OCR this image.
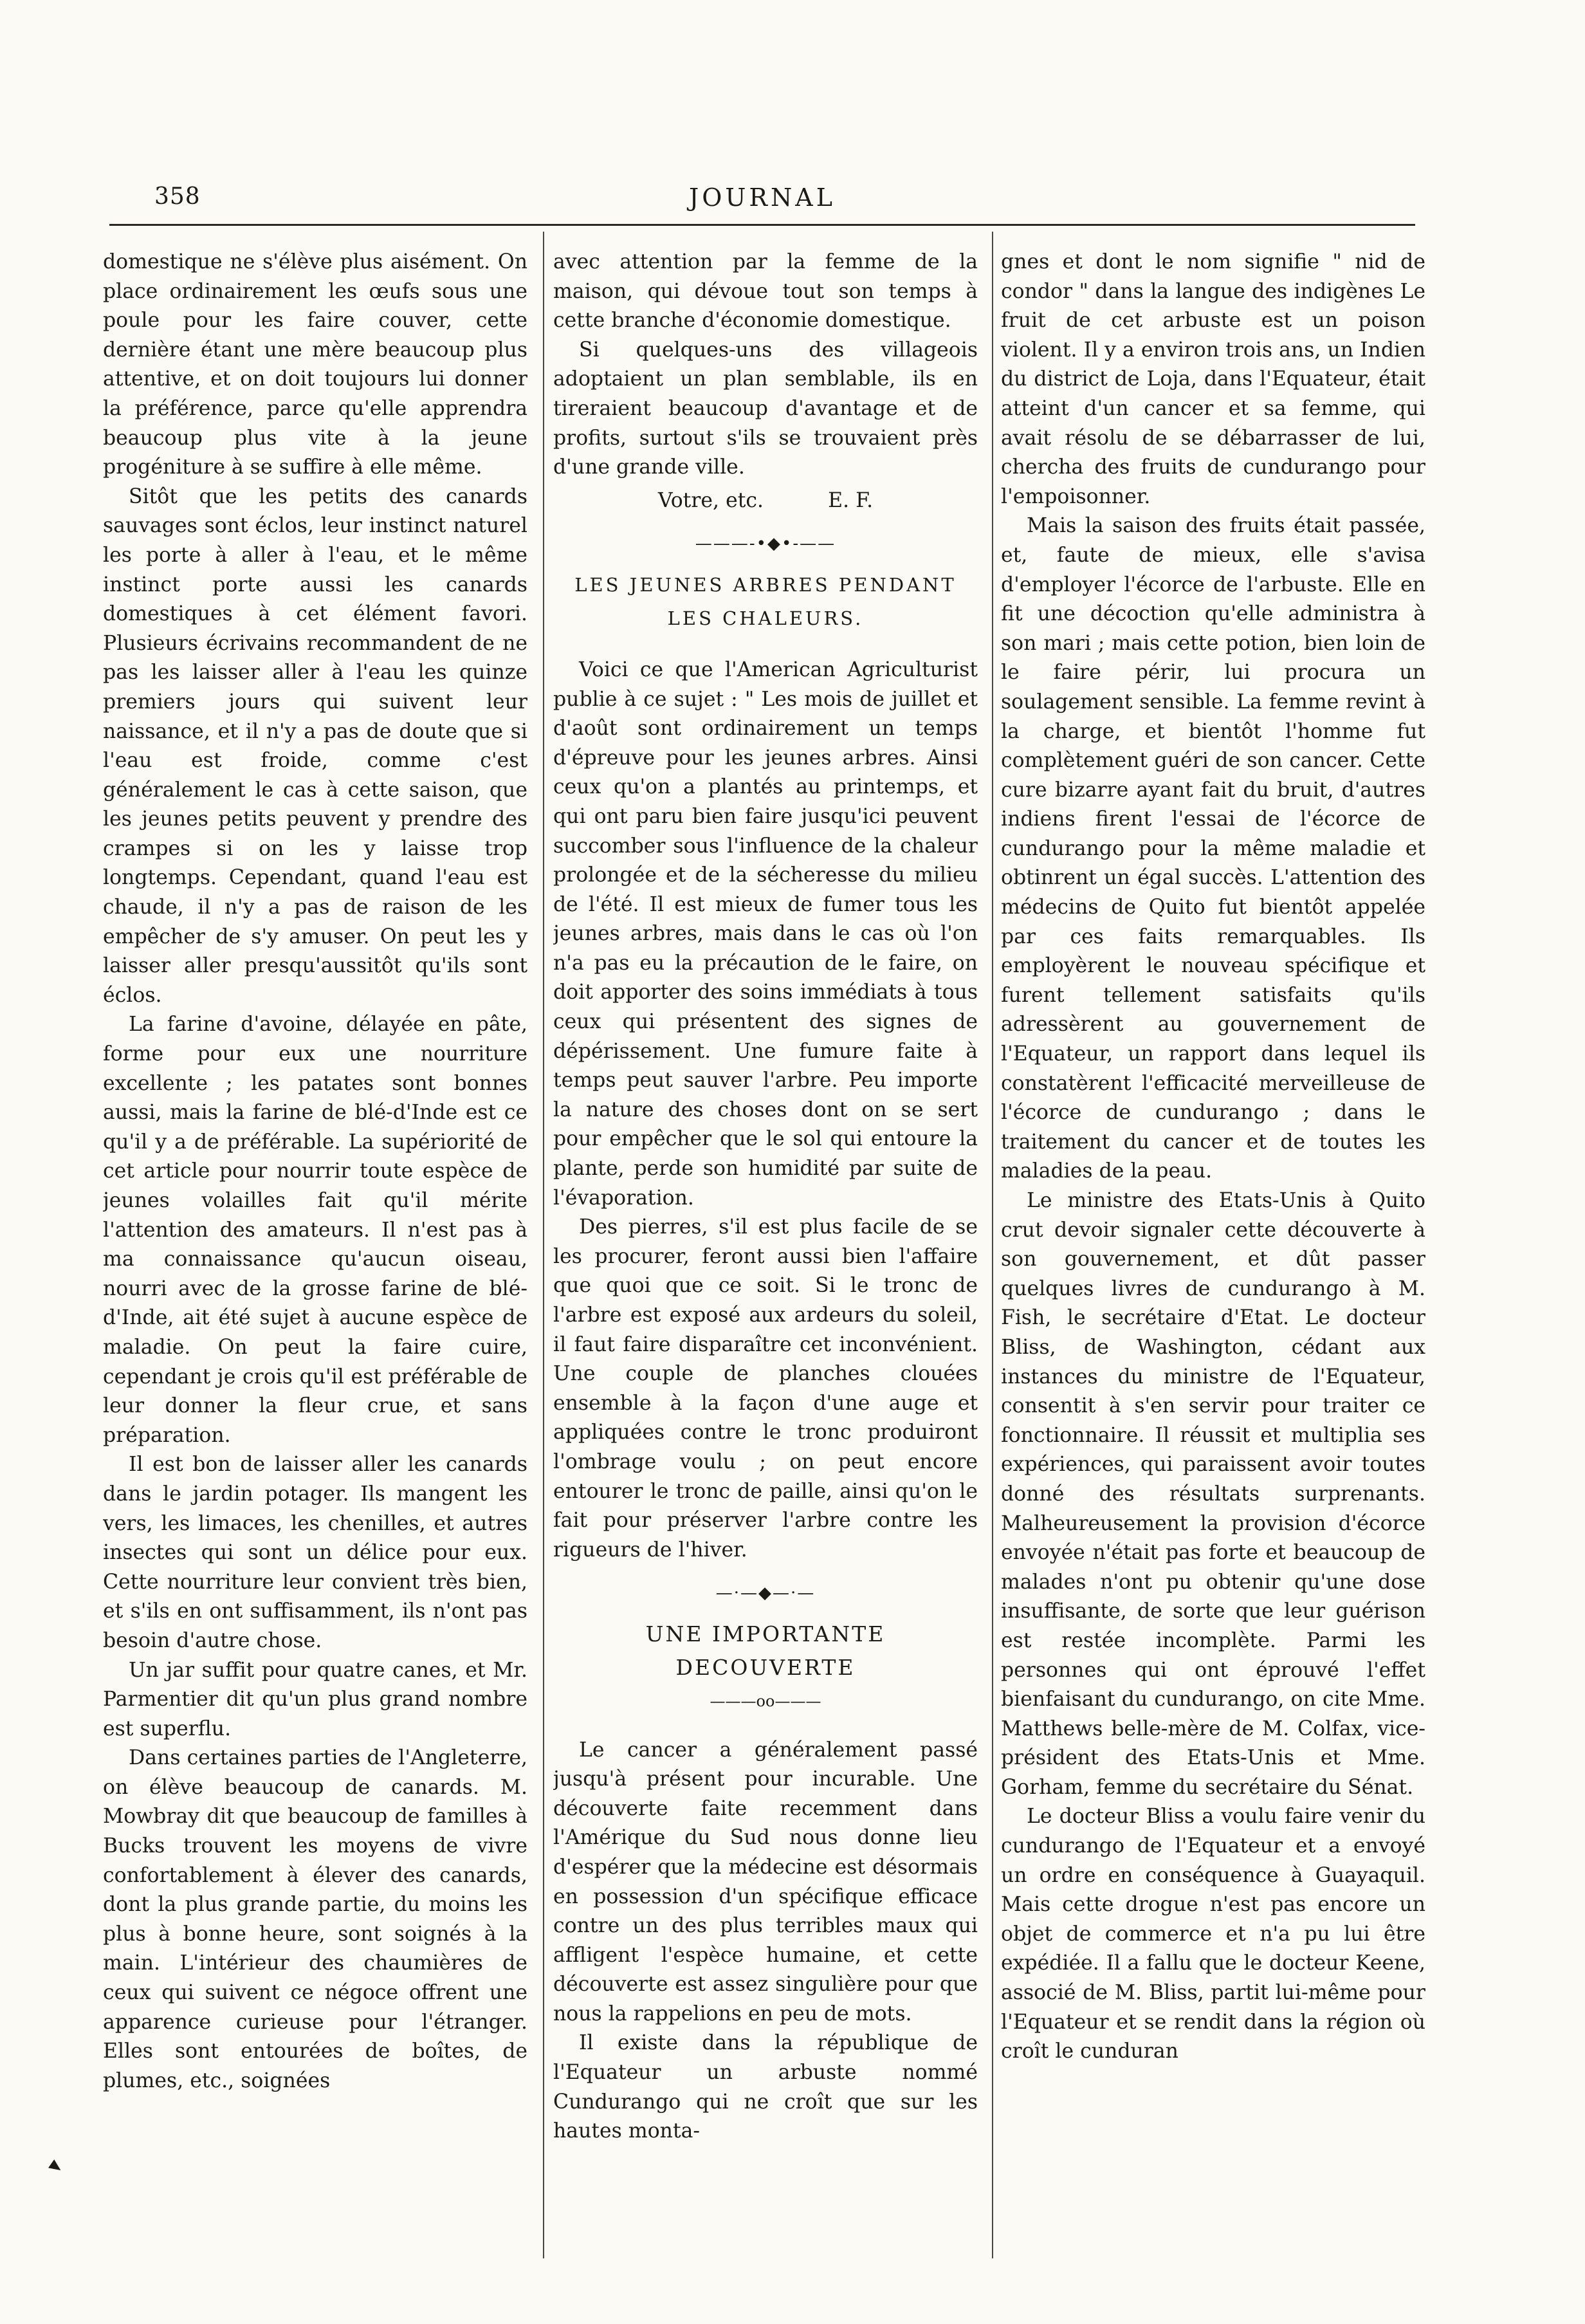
358	JOURNAL

domestique ne s'élève plus aisément. On place ordinairement les œufs sous une poule pour les faire couver, cette dernière étant une mère beaucoup plus attentive, et on doit toujours lui donner la préférence, parce qu'elle apprendra beaucoup plus vite à la jeune progéniture à se suffire à elle même.

Sitôt que les petits des canards sauvages sont éclos, leur instinct naturel les porte à aller à l'eau, et le même instinct porte aussi les canards domestiques à cet élément favori. Plusieurs écrivains recommandent de ne pas les laisser aller à l'eau les quinze premiers jours qui suivent leur naissance, et il n'y a pas de doute que si l'eau est froide, comme c'est généralement le cas à cette saison, que les jeunes petits peuvent y prendre des crampes si on les y laisse trop longtemps. Cependant, quand l'eau est chaude, il n'y a pas de raison de les empêcher de s'y amuser. On peut les y laisser aller presqu'aussitôt qu'ils sont éclos.

La farine d'avoine, délayée en pâte, forme pour eux une nourriture excellente ; les patates sont bonnes aussi, mais la farine de blé-d'Inde est ce qu'il y a de préférable. La supériorité de cet article pour nourrir toute espèce de jeunes volailles fait qu'il mérite l'attention des amateurs. Il n'est pas à ma connaissance qu'aucun oiseau, nourri avec de la grosse farine de blé-d'Inde, ait été sujet à aucune espèce de maladie. On peut la faire cuire, cependant je crois qu'il est préférable de leur donner la fleur crue, et sans préparation.

Il est bon de laisser aller les canards dans le jardin potager. Ils mangent les vers, les limaces, les chenilles, et autres insectes qui sont un délice pour eux. Cette nourriture leur convient très bien, et s'ils en ont suffisamment, ils n'ont pas besoin d'autre chose.

Un jar suffit pour quatre canes, et Mr. Parmentier dit qu'un plus grand nombre est superflu.

Dans certaines parties de l'Angleterre, on élève beaucoup de canards. M. Mowbray dit que beaucoup de familles à Bucks trouvent les moyens de vivre confortablement à élever des canards, dont la plus grande partie, du moins les plus à bonne heure, sont soignés à la main. L'intérieur des chaumières de ceux qui suivent ce négoce offrent une apparence curieuse pour l'étranger. Elles sont entourées de boîtes, de plumes, etc., soignées

avec attention par la femme de la maison, qui dévoue tout son temps à cette branche d'économie domestique.

Si quelques-uns des villageois adoptaient un plan semblable, ils en tireraient beaucoup d'avantage et de profits, surtout s'ils se trouvaient près d'une grande ville.

Votre, etc.          E. F.

———-•◆•-——
LES JEUNES ARBRES PENDANT LES CHALEURS.

Voici ce que l'American Agriculturist publie à ce sujet : " Les mois de juillet et d'août sont ordinairement un temps d'épreuve pour les jeunes arbres. Ainsi ceux qu'on a plantés au printemps, et qui ont paru bien faire jusqu'ici peuvent succomber sous l'influence de la chaleur prolongée et de la sécheresse du milieu de l'été. Il est mieux de fumer tous les jeunes arbres, mais dans le cas où l'on n'a pas eu la précaution de le faire, on doit apporter des soins immédiats à tous ceux qui présentent des signes de dépérissement. Une fumure faite à temps peut sauver l'arbre. Peu importe la nature des choses dont on se sert pour empêcher que le sol qui entoure la plante, perde son humidité par suite de l'évaporation.

Des pierres, s'il est plus facile de se les procurer, feront aussi bien l'affaire que quoi que ce soit. Si le tronc de l'arbre est exposé aux ardeurs du soleil, il faut faire disparaître cet inconvénient. Une couple de planches clouées ensemble à la façon d'une auge et appliquées contre le tronc produiront l'ombrage voulu ; on peut encore entourer le tronc de paille, ainsi qu'on le fait pour préserver l'arbre contre les rigueurs de l'hiver.

—·—◆—·—
UNE IMPORTANTE DECOUVERTE
———oo———

Le cancer a généralement passé jusqu'à présent pour incurable. Une découverte faite recemment dans l'Amérique du Sud nous donne lieu d'espérer que la médecine est désormais en possession d'un spécifique efficace contre un des plus terribles maux qui affligent l'espèce humaine, et cette découverte est assez singulière pour que nous la rappelions en peu de mots.

Il existe dans la république de l'Equateur un arbuste nommé Cundurango qui ne croît que sur les hautes monta-

gnes et dont le nom signifie " nid de condor " dans la langue des indigènes Le fruit de cet arbuste est un poison violent. Il y a environ trois ans, un Indien du district de Loja, dans l'Equateur, était atteint d'un cancer et sa femme, qui avait résolu de se débarrasser de lui, chercha des fruits de cundurango pour l'empoisonner.

Mais la saison des fruits était passée, et, faute de mieux, elle s'avisa d'employer l'écorce de l'arbuste. Elle en fit une décoction qu'elle administra à son mari ; mais cette potion, bien loin de le faire périr, lui procura un soulagement sensible. La femme revint à la charge, et bientôt l'homme fut complètement guéri de son cancer. Cette cure bizarre ayant fait du bruit, d'autres indiens firent l'essai de l'écorce de cundurango pour la même maladie et obtinrent un égal succès. L'attention des médecins de Quito fut bientôt appelée par ces faits remarquables. Ils employèrent le nouveau spécifique et furent tellement satisfaits qu'ils adressèrent au gouvernement de l'Equateur, un rapport dans lequel ils constatèrent l'efficacité merveilleuse de l'écorce de cundurango ; dans le traitement du cancer et de toutes les maladies de la peau.

Le ministre des Etats-Unis à Quito crut devoir signaler cette découverte à son gouvernement, et dût passer quelques livres de cundurango à M. Fish, le secrétaire d'Etat. Le docteur Bliss, de Washington, cédant aux instances du ministre de l'Equateur, consentit à s'en servir pour traiter ce fonctionnaire. Il réussit et multiplia ses expériences, qui paraissent avoir toutes donné des résultats surprenants. Malheureusement la provision d'écorce envoyée n'était pas forte et beaucoup de malades n'ont pu obtenir qu'une dose insuffisante, de sorte que leur guérison est restée incomplète. Parmi les personnes qui ont éprouvé l'effet bienfaisant du cundurango, on cite Mme. Matthews belle-mère de M. Colfax, vice-président des Etats-Unis et Mme. Gorham, femme du secrétaire du Sénat.

Le docteur Bliss a voulu faire venir du cundurango de l'Equateur et a envoyé un ordre en conséquence à Guayaquil. Mais cette drogue n'est pas encore un objet de commerce et n'a pu lui être expédiée. Il a fallu que le docteur Keene, associé de M. Bliss, partit lui-même pour l'Equateur et se rendit dans la région où croît le cunduran
